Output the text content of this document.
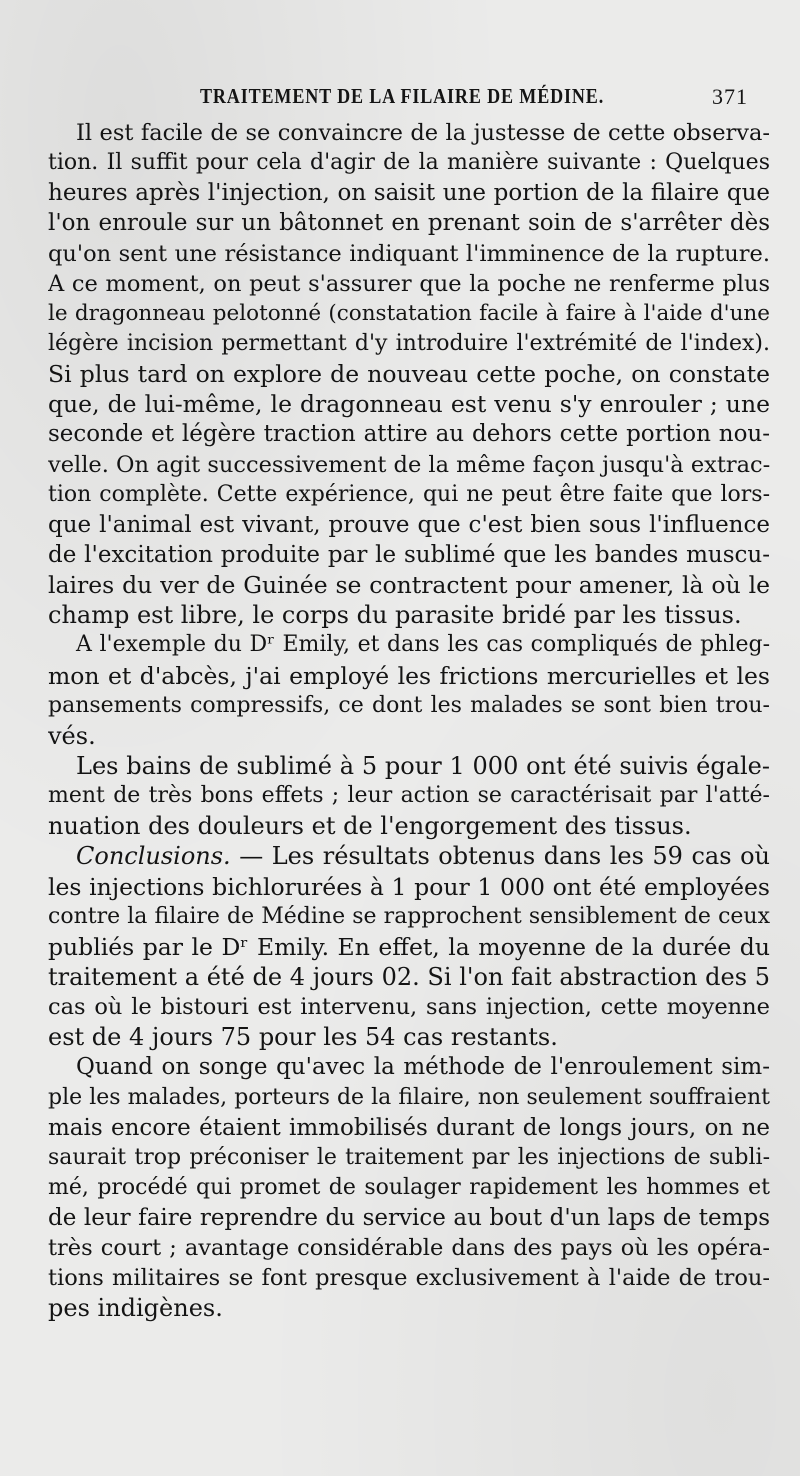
TRAITEMENT DE LA FILAIRE DE MÉDINE.	371
Il est facile de se convaincre de la justesse de cette observa-
tion. Il suffit pour cela d'agir de la manière suivante : Quelques
heures après l'injection, on saisit une portion de la filaire que
l'on enroule sur un bâtonnet en prenant soin de s'arrêter dès
qu'on sent une résistance indiquant l'imminence de la rupture.
A ce moment, on peut s'assurer que la poche ne renferme plus
le dragonneau pelotonné (constatation facile à faire à l'aide d'une
légère incision permettant d'y introduire l'extrémité de l'index).
Si plus tard on explore de nouveau cette poche, on constate
que, de lui-même, le dragonneau est venu s'y enrouler ; une
seconde et légère traction attire au dehors cette portion nou-
velle. On agit successivement de la même façon jusqu'à extrac-
tion complète. Cette expérience, qui ne peut être faite que lors-
que l'animal est vivant, prouve que c'est bien sous l'influence
de l'excitation produite par le sublimé que les bandes muscu-
laires du ver de Guinée se contractent pour amener, là où le
champ est libre, le corps du parasite bridé par les tissus.
A l'exemple du Dʳ Emily, et dans les cas compliqués de phleg-
mon et d'abcès, j'ai employé les frictions mercurielles et les
pansements compressifs, ce dont les malades se sont bien trou-
vés.
Les bains de sublimé à 5 pour 1 000 ont été suivis égale-
ment de très bons effets ; leur action se caractérisait par l'atté-
nuation des douleurs et de l'engorgement des tissus.
Conclusions. — Les résultats obtenus dans les 59 cas où
les injections bichlorurées à 1 pour 1 000 ont été employées
contre la filaire de Médine se rapprochent sensiblement de ceux
publiés par le Dʳ Emily. En effet, la moyenne de la durée du
traitement a été de 4 jours 02. Si l'on fait abstraction des 5
cas où le bistouri est intervenu, sans injection, cette moyenne
est de 4 jours 75 pour les 54 cas restants.
Quand on songe qu'avec la méthode de l'enroulement sim-
ple les malades, porteurs de la filaire, non seulement souffraient
mais encore étaient immobilisés durant de longs jours, on ne
saurait trop préconiser le traitement par les injections de subli-
mé, procédé qui promet de soulager rapidement les hommes et
de leur faire reprendre du service au bout d'un laps de temps
très court ; avantage considérable dans des pays où les opéra-
tions militaires se font presque exclusivement à l'aide de trou-
pes indigènes.
